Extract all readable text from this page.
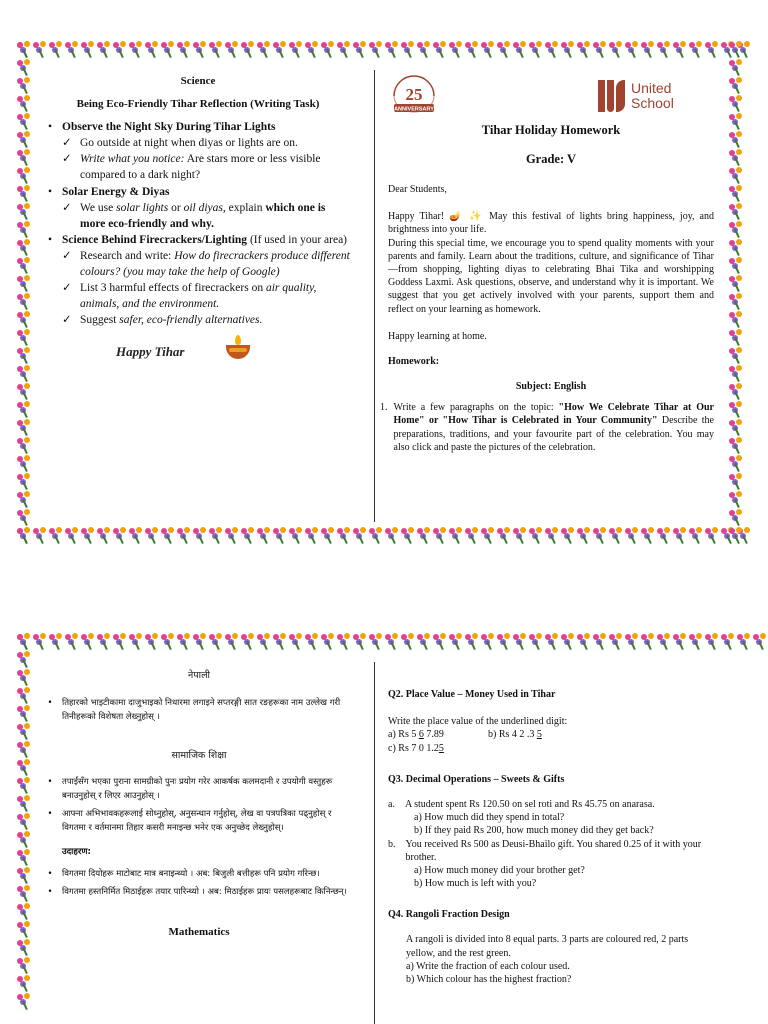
Science
Being Eco-Friendly Tihar Reflection (Writing Task)
• Observe the Night Sky During Tihar Lights
✓ Go outside at night when diyas or lights are on.
✓ Write what you notice: Are stars more or less visible compared to a dark night?
• Solar Energy & Diyas
✓ We use solar lights or oil diyas, explain which one is more eco-friendly and why.
• Science Behind Firecrackers/Lighting (If used in your area)
✓ Research and write: How do firecrackers produce different colours? (you may take the help of Google)
✓ List 3 harmful effects of firecrackers on air quality, animals, and the environment.
✓ Suggest safer, eco-friendly alternatives.
Happy Tihar
25
ANNIVERSARY
United
School
Tihar Holiday Homework
Grade: V

Dear Students,

Happy Tihar! 🪔 ✨ May this festival of lights bring happiness, joy, and brightness into your life.

During this special time, we encourage you to spend quality moments with your parents and family. Learn about the traditions, culture, and significance of Tihar—from shopping, lighting diyas to celebrating Bhai Tika and worshipping Goddess Laxmi. Ask questions, observe, and understand why it is important. We suggest that you get actively involved with your parents, support them and reflect on your learning as homework.

Happy learning at home.

Homework:

Subject: English

1. Write a few paragraphs on the topic: "How We Celebrate Tihar at Our Home" or "How Tihar is Celebrated in Your Community" Describe the preparations, traditions, and your favourite part of the celebration. You may also click and paste the pictures of the celebration.

नेपाली
•	तिहारको भाइटीकामा दाजुभाइको निधारमा लगाइने सप्तरङ्गी सात रङहरूका नाम उल्लेख गरी तिनीहरूको विशेषता लेख्नुहोस् ।
सामाजिक शिक्षा
•	तपाईंसँग भएका पुराना सामग्रीको पुनः प्रयोग गरेर आकर्षक कलमदानी र उपयोगी वस्तुहरू बनाउनुहोस् र लिएर आउनुहोस् ।
•	आफ्ना अभिभावकहरूलाई सोध्नुहोस्, अनुसन्धान गर्नुहोस्, लेख वा पत्रपत्रिका पढ्नुहोस् र विगतमा र वर्तमानमा तिहार कसरी मनाइन्छ भनेर एक अनुच्छेद लेख्नुहोस्।

उदाहरण:

•	विगतमा दियोहरू माटोबाट मात्र बनाइन्थ्यो । अब: बिजुली बत्तीहरू पनि प्रयोग गरिन्छ।
•	विगतमा हस्तनिर्मित मिठाईहरू तयार पारिन्थ्यो । अब: मिठाईहरू प्रायः पसलहरूबाट किनिन्छन्।
Mathematics

Q2. Place Value – Money Used in Tihar

Write the place value of the underlined digit:

a) Rs 5 6 7.89	b) Rs 4 2 .3 5

c) Rs 7 0 1.25

Q3. Decimal Operations – Sweets & Gifts

a. A student spent Rs 120.50 on sel roti and Rs 45.75 on anarasa.

a) How much did they spend in total?

b) If they paid Rs 200, how much money did they get back?

b. You received Rs 500 as Deusi-Bhailo gift. You shared 0.25 of it with your brother.

a) How much money did your brother get?

b) How much is left with you?

Q4. Rangoli Fraction Design

A rangoli is divided into 8 equal parts. 3 parts are coloured red, 2 parts yellow, and the rest green.

a) Write the fraction of each colour used.

b) Which colour has the highest fraction?
